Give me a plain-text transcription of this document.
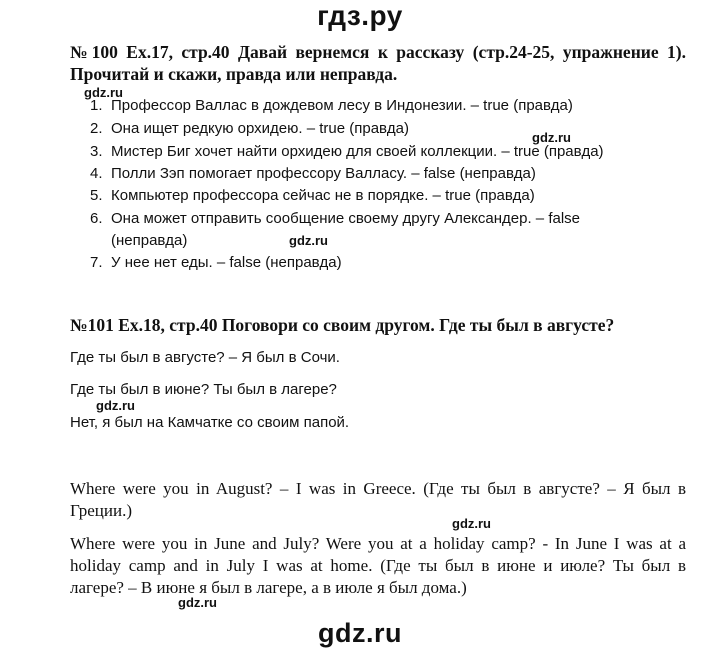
гдз.ру
№100 Ex.17, стр.40 Давай вернемся к рассказу (стр.24-25, упражнение 1).
Прочитай и скажи, правда или неправда.
gdz.ru
1. Профессор Валлас в дождевом лесу в Индонезии. – true (правда)
2. Она ищет редкую орхидею. – true (правда)
gdz.ru
3. Мистер Биг хочет найти орхидею для своей коллекции. – true (правда)
4. Полли Зэп помогает профессору Валласу. – false (неправда)
5. Компьютер профессора сейчас не в порядке. – true (правда)
6. Она может отправить сообщение своему другу Александер. – false
(неправда)	gdz.ru
7. У нее нет еды. – false (неправда)
№101 Ex.18, стр.40 Поговори со своим другом. Где ты был в августе?
Где ты был в августе? – Я был в Сочи.
Где ты был в июне? Ты был в лагере?
gdz.ru
Нет, я был на Камчатке со своим папой.
Where were you in August? – I was in Greece. (Где ты был в августе? – Я был в
Греции.)
gdz.ru
Where were you in June and July? Were you at a holiday camp? - In June I was at a
holiday camp and in July I was at home. (Где ты был в июне и июле? Ты был в
лагере? – В июне я был в лагере, а в июле я был дома.)
gdz.ru
gdz.ru
